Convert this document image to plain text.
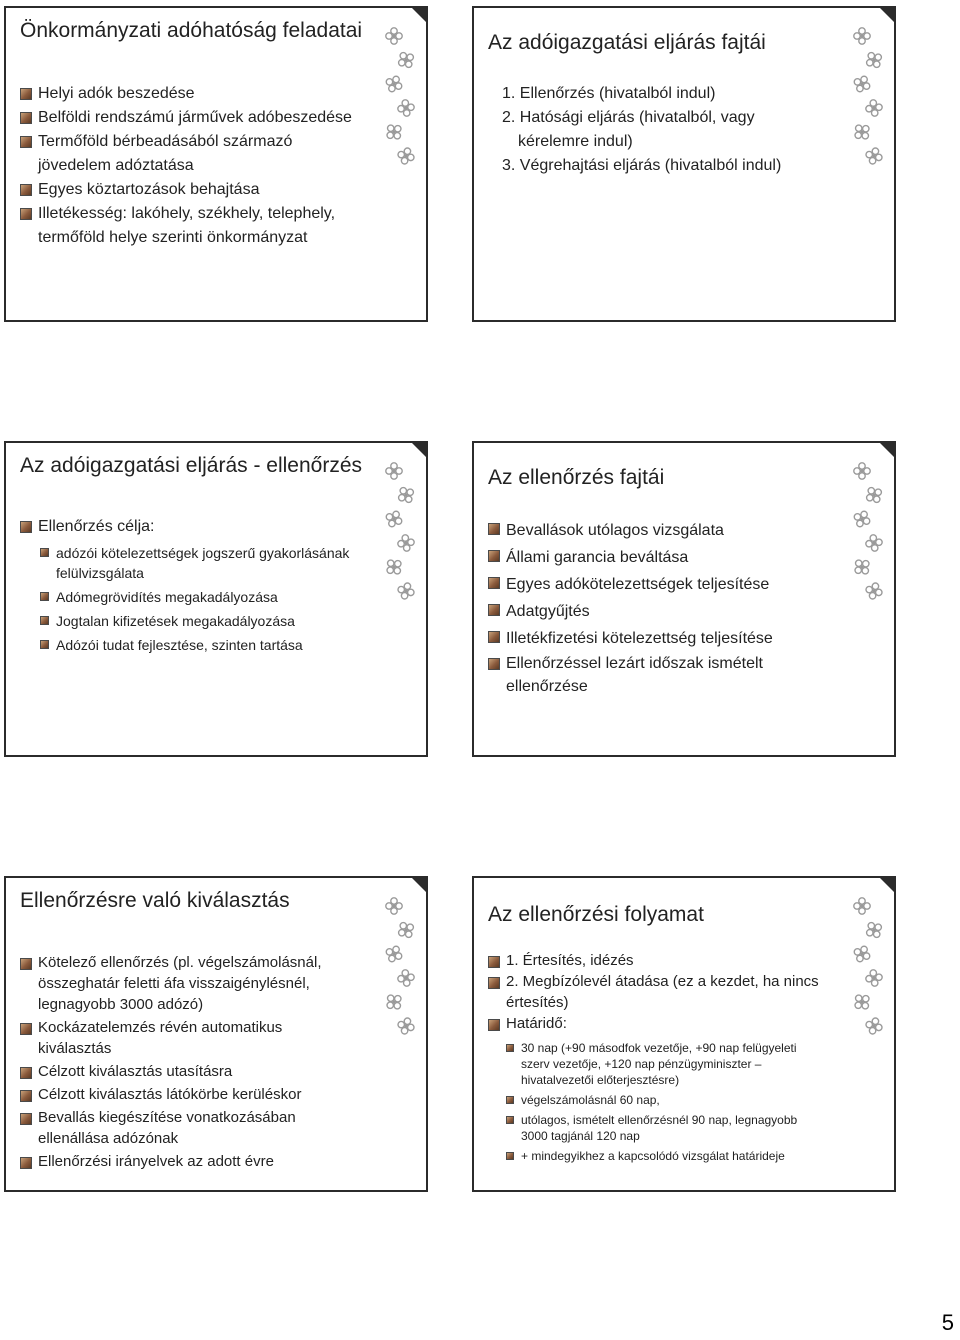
Önkormányzati adóhatóság feladatai
Helyi adók beszedése
Belföldi rendszámú járművek adóbeszedése
Termőföld bérbeadásából származó jövedelem adóztatása
Egyes köztartozások behajtása
Illetékesség: lakóhely, székhely, telephely, termőföld helye szerinti önkormányzat
Az adóigazgatási eljárás fajtái
1. Ellenőrzés (hivatalból indul)
2. Hatósági eljárás (hivatalból, vagy kérelemre indul)
3. Végrehajtási eljárás (hivatalból indul)
Az adóigazgatási eljárás - ellenőrzés
Ellenőrzés célja:
adózói kötelezettségek jogszerű gyakorlásának felülvizsgálata
Adómegrövidítés megakadályozása
Jogtalan kifizetések megakadályozása
Adózói tudat fejlesztése, szinten tartása
Az ellenőrzés fajtái
Bevallások utólagos vizsgálata
Állami garancia beváltása
Egyes adókötelezettségek teljesítése
Adatgyűjtés
Illetékfizetési kötelezettség teljesítése
Ellenőrzéssel lezárt időszak ismételt ellenőrzése
Ellenőrzésre való kiválasztás
Kötelező ellenőrzés (pl. végelszámolásnál, összeghatár feletti áfa visszaigénylésnél, legnagyobb 3000 adózó)
Kockázatelemzés révén automatikus kiválasztás
Célzott kiválasztás utasításra
Célzott kiválasztás látókörbe kerüléskor
Bevallás kiegészítése vonatkozásában ellenállása adózónak
Ellenőrzési irányelvek az adott évre
Az ellenőrzési folyamat
1. Értesítés, idézés
2. Megbízólevél átadása (ez a kezdet, ha nincs értesítés)
Határidő:
30 nap (+90 másodfok vezetője, +90 nap felügyeleti szerv vezetője, +120 nap pénzügyminiszter – hivatalvezetői előterjesztésre)
végelszámolásnál 60 nap,
utólagos, ismételt ellenőrzésnél 90 nap, legnagyobb 3000 tagjánál 120 nap
+ mindegyikhez a kapcsolódó vizsgálat határideje
5
